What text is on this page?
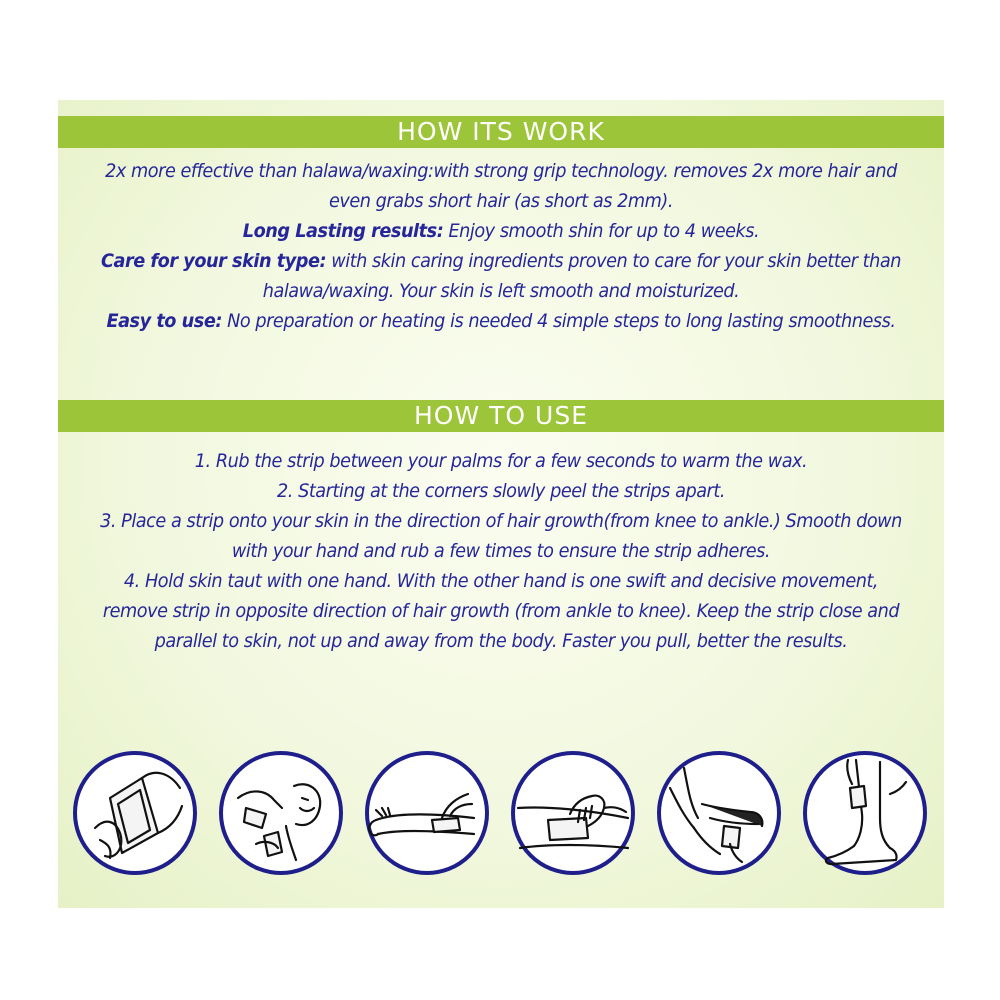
HOW ITS WORK

2x more effective than halawa/waxing:with strong grip technology. removes 2x more hair and even grabs short hair (as short as 2mm).

Long Lasting results: Enjoy smooth shin for up to 4 weeks.

Care for your skin type: with skin caring ingredients proven to care for your skin better than halawa/waxing. Your skin is left smooth and moisturized.

Easy to use: No preparation or heating is needed 4 simple steps to long lasting smoothness.

HOW TO USE

1. Rub the strip between your palms for a few seconds to warm the wax.

2. Starting at the corners slowly peel the strips apart.

3. Place a strip onto your skin in the direction of hair growth(from knee to ankle.) Smooth down with your hand and rub a few times to ensure the strip adheres.

4. Hold skin taut with one hand. With the other hand is one swift and decisive movement, remove strip in opposite direction of hair growth (from ankle to knee). Keep the strip close and parallel to skin, not up and away from the body. Faster you pull, better the results.
